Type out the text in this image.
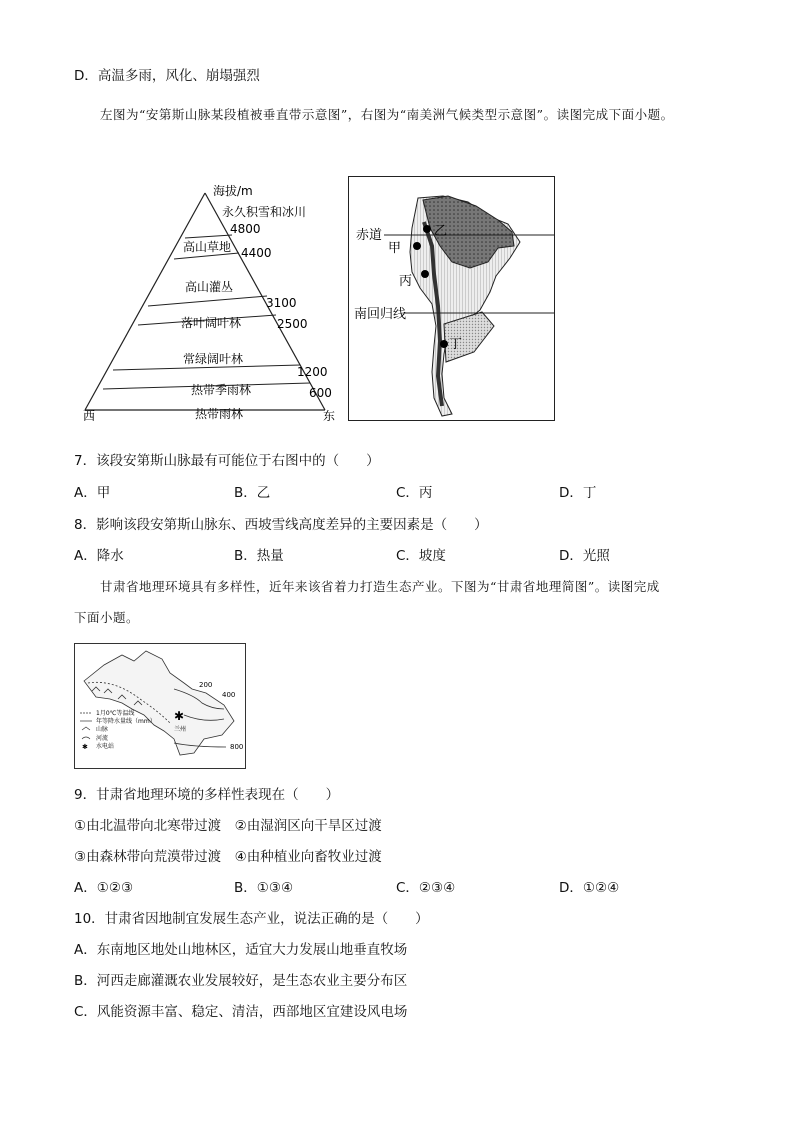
D．高温多雨，风化、崩塌强烈
左图为“安第斯山脉某段植被垂直带示意图”，右图为“南美洲气候类型示意图”。读图完成下面小题。
海拔/m
永久积雪和冰川
高山草地
高山灌丛
落叶阔叶林
常绿阔叶林
热带季雨林
热带雨林
4800
4400
3100
2500
1200
600
西	东
赤道
南回归线
甲
乙
丙
丁
7．该段安第斯山脉最有可能位于右图中的（　　）
A．甲	B．乙	C．丙	D．丁
8．影响该段安第斯山脉东、西坡雪线高度差异的主要因素是（　　）
A．降水	B．热量	C．坡度	D．光照
甘肃省地理环境具有多样性，近年来该省着力打造生态产业。下图为“甘肃省地理简图”。读图完成
下面小题。
✱
200
400
800
兰州
1月0℃等温线
年等降水量线（mm）
山脉
河流
✱ 水电站
9．甘肃省地理环境的多样性表现在（　　）
①由北温带向北寒带过渡　②由湿润区向干旱区过渡
③由森林带向荒漠带过渡　④由种植业向畜牧业过渡
A．①②③	B．①③④	C．②③④	D．①②④
10．甘肃省因地制宜发展生态产业，说法正确的是（　　）
A．东南地区地处山地林区，适宜大力发展山地垂直牧场
B．河西走廊灌溉农业发展较好，是生态农业主要分布区
C．风能资源丰富、稳定、清洁，西部地区宜建设风电场
